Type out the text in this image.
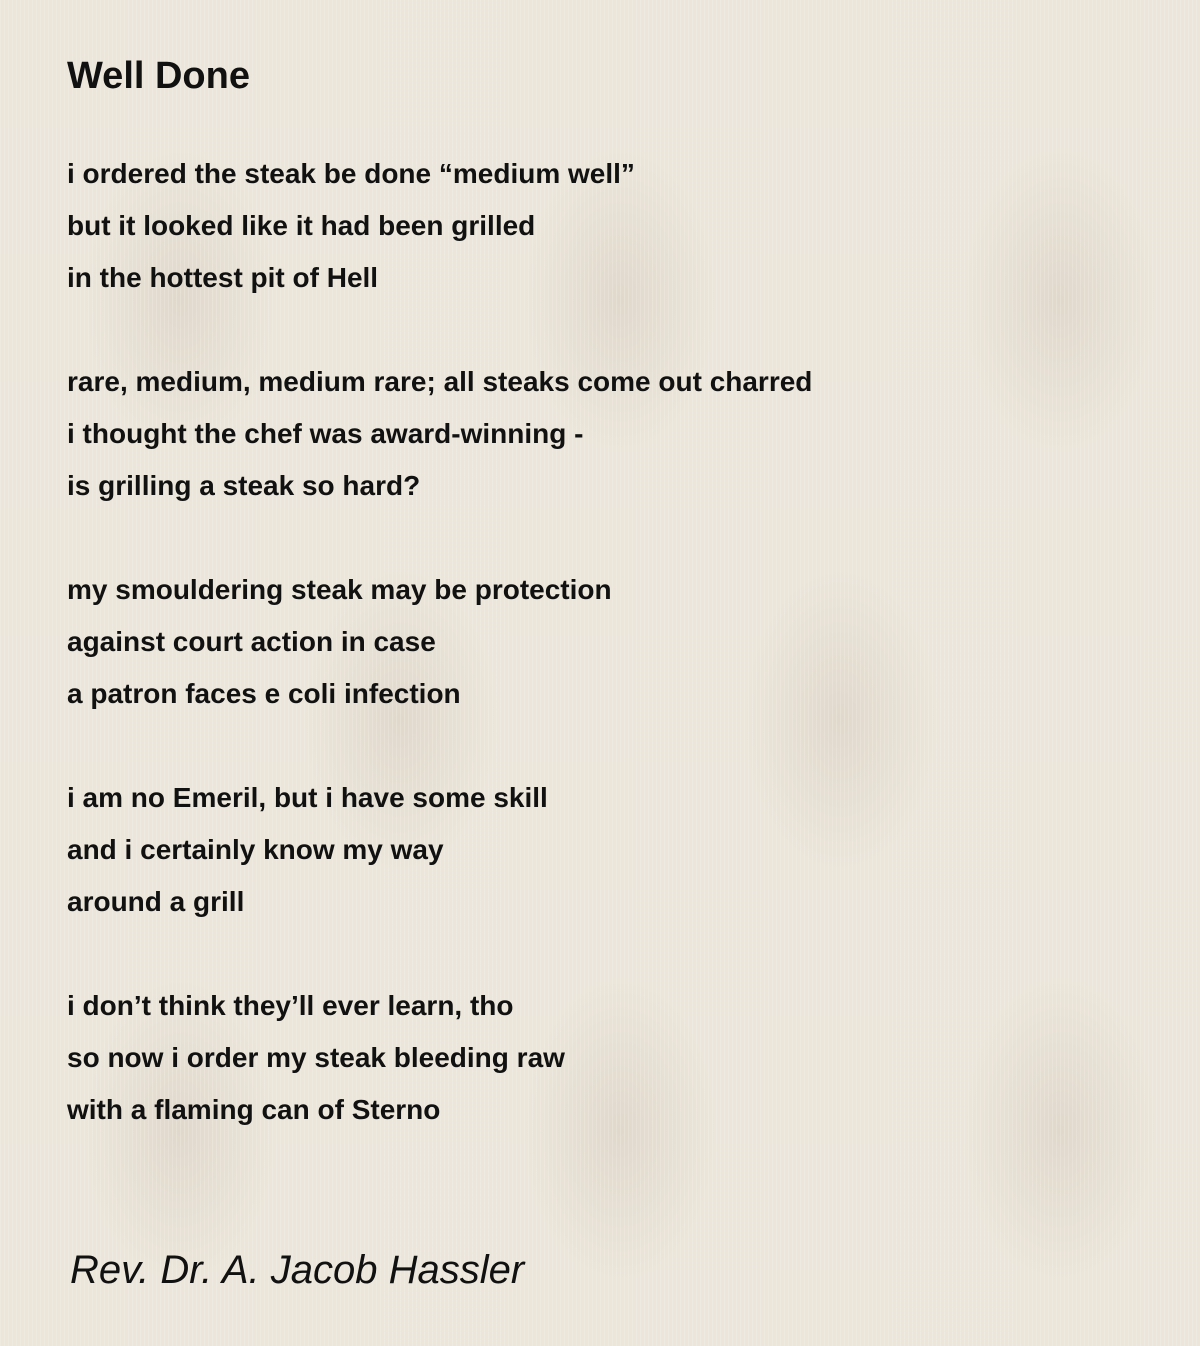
Well Done
i ordered the steak be done “medium well”
but it looked like it had been grilled
in the hottest pit of Hell
rare, medium, medium rare; all steaks come out charred
i thought the chef was award-winning -
is grilling a steak so hard?
my smouldering steak may be protection
against court action in case
a patron faces e coli infection
i am no Emeril, but i have some skill
and i certainly know my way
around a grill
i don’t think they’ll ever learn, tho
so now i order my steak bleeding raw
with a flaming can of Sterno

Rev. Dr. A. Jacob Hassler
